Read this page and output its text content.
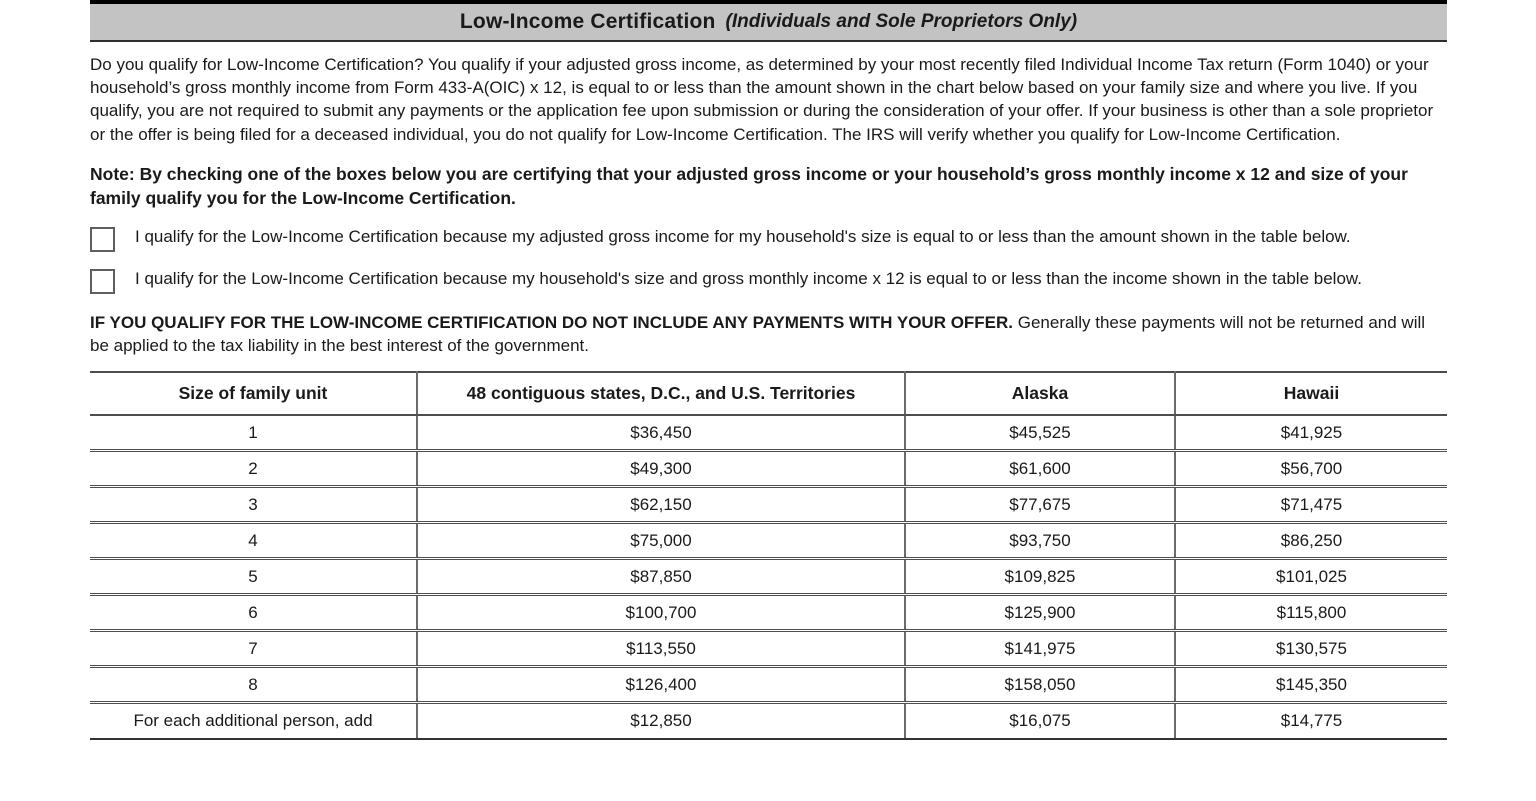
Low-Income Certification (Individuals and Sole Proprietors Only)

Do you qualify for Low-Income Certification? You qualify if your adjusted gross income, as determined by your most recently filed Individual Income Tax return (Form 1040) or your household’s gross monthly income from Form 433-A(OIC) x 12, is equal to or less than the amount shown in the chart below based on your family size and where you live. If you qualify, you are not required to submit any payments or the application fee upon submission or during the consideration of your offer. If your business is other than a sole proprietor or the offer is being filed for a deceased individual, you do not qualify for Low-Income Certification. The IRS will verify whether you qualify for Low-Income Certification.

Note: By checking one of the boxes below you are certifying that your adjusted gross income or your household’s gross monthly income x 12 and size of your family qualify you for the Low-Income Certification.

I qualify for the Low-Income Certification because my adjusted gross income for my household's size is equal to or less than the amount shown in the table below.
I qualify for the Low-Income Certification because my household's size and gross monthly income x 12 is equal to or less than the income shown in the table below.

IF YOU QUALIFY FOR THE LOW-INCOME CERTIFICATION DO NOT INCLUDE ANY PAYMENTS WITH YOUR OFFER. Generally these payments will not be returned and will be applied to the tax liability in the best interest of the government.

Size of family unit	48 contiguous states, D.C., and U.S. Territories	Alaska	Hawaii
1	$36,450	$45,525	$41,925
2	$49,300	$61,600	$56,700
3	$62,150	$77,675	$71,475
4	$75,000	$93,750	$86,250
5	$87,850	$109,825	$101,025
6	$100,700	$125,900	$115,800
7	$113,550	$141,975	$130,575
8	$126,400	$158,050	$145,350
For each additional person, add	$12,850	$16,075	$14,775
